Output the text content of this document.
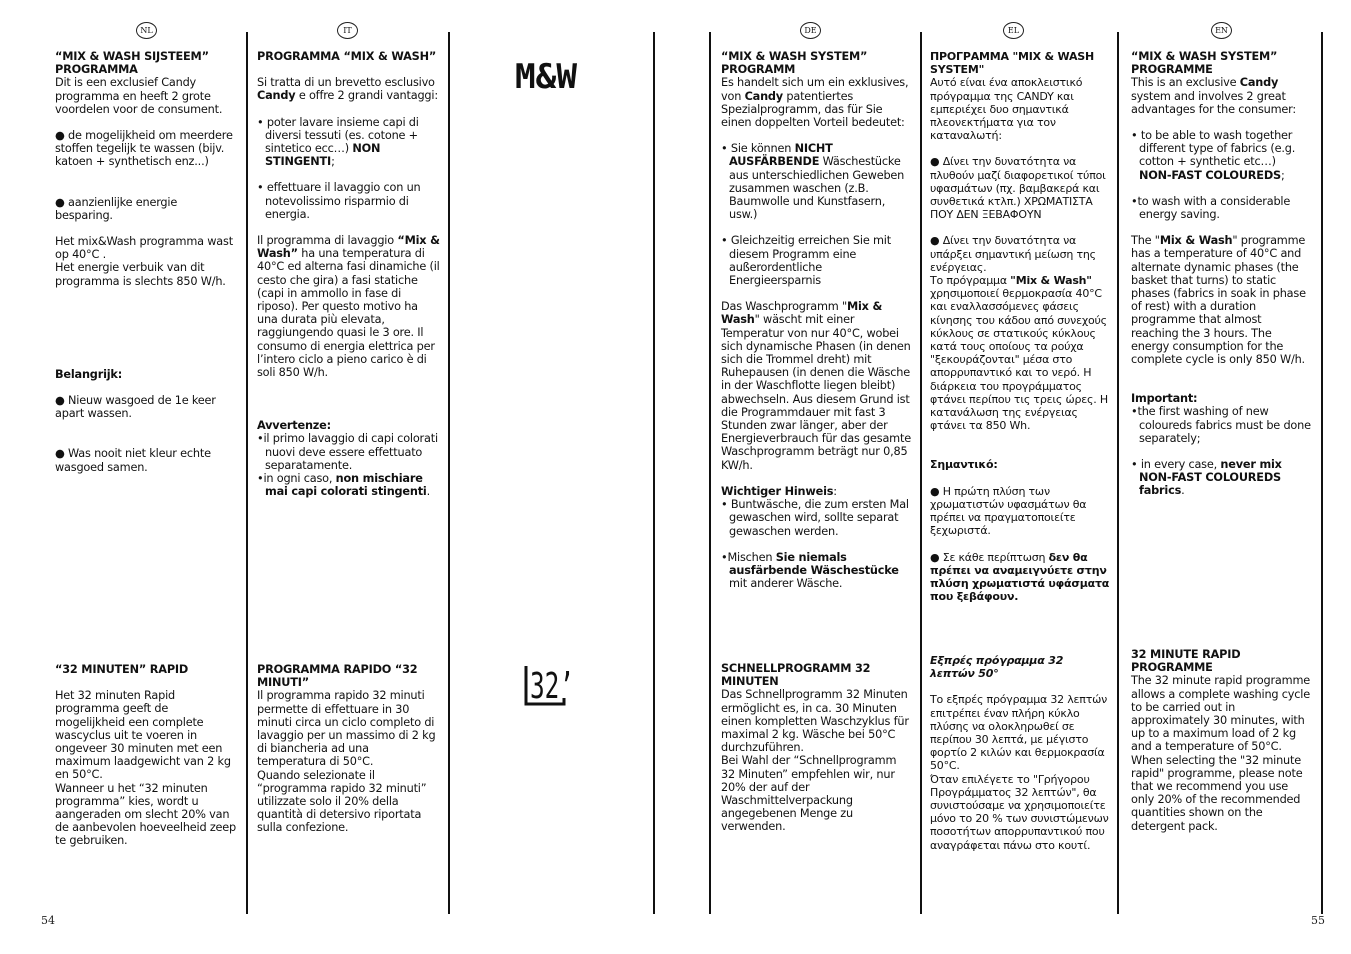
NL	IT

“MIX & WASH SIJSTEEM” PROGRAMMA

Dit is een exclusief Candy programma en heeft 2 grote voordelen voor de consument.

● de mogelijkheid om meerdere stoffen tegelijk te wassen (bijv. katoen + synthetisch enz...)

● aanzienlijke energie besparing.

Het mix&Wash programma wast op 40°C .

Het energie verbuik van dit programma is slechts 850 W/h.

Belangrijk:

● Nieuw wasgoed de 1e keer apart wassen.

● Was nooit niet kleur echte wasgoed samen.

“32 MINUTEN” RAPID

Het 32 minuten Rapid programma geeft de mogelijkheid een complete wascyclus uit te voeren in ongeveer 30 minuten met een maximum laadgewicht van 2 kg en 50°C.

Wanneer u het “32 minuten programma” kies, wordt u aangeraden om slecht 20% van de aanbevolen hoeveelheid zeep te gebruiken.

PROGRAMMA “MIX & WASH”

Si tratta di un brevetto esclusivo Candy e offre 2 grandi vantaggi:

• poter lavare insieme capi di diversi tessuti (es. cotone + sintetico ecc…) NON STINGENTI;

• effettuare il lavaggio con un notevolissimo risparmio di energia.

Il programma di lavaggio “Mix & Wash” ha una temperatura di 40°C ed alterna fasi dinamiche (il cesto che gira) a fasi statiche (capi in ammollo in fase di riposo). Per questo motivo ha una durata più elevata, raggiungendo quasi le 3 ore. Il consumo di energia elettrica per l’intero ciclo a pieno carico è di soli 850 W/h.

Avvertenze:

•il primo lavaggio di capi colorati nuovi deve essere effettuato separatamente.

•in ogni caso, non mischiare mai capi colorati stingenti.

PROGRAMMA RAPIDO “32 MINUTI”

Il programma rapido 32 minuti permette di effettuare in 30 minuti circa un ciclo completo di lavaggio per un massimo di 2 kg di biancheria ad una temperatura di 50°C.

Quando selezionate il “programma rapido 32 minuti” utilizzate solo il 20% della quantità di detersivo riportata sulla confezione.

M&W
32’
54
DE	EL	EN

“MIX & WASH SYSTEM” PROGRAMM

Es handelt sich um ein exklusives, von Candy patentiertes Spezialprogramm, das für Sie einen doppelten Vorteil bedeutet:

• Sie können NICHT AUSFÄRBENDE Wäschestücke aus unterschiedlichen Geweben zusammen waschen (z.B. Baumwolle und Kunstfasern, usw.)

• Gleichzeitig erreichen Sie mit diesem Programm eine außerordentliche Energieersparnis

Das Waschprogramm "Mix & Wash" wäscht mit einer Temperatur von nur 40°C, wobei sich dynamische Phasen (in denen sich die Trommel dreht) mit Ruhepausen (in denen die Wäsche in der Waschflotte liegen bleibt) abwechseln. Aus diesem Grund ist die Programmdauer mit fast 3 Stunden zwar länger, aber der Energieverbrauch für das gesamte Waschprogramm beträgt nur 0,85 KW/h.

Wichtiger Hinweis:

• Buntwäsche, die zum ersten Mal gewaschen wird, sollte separat gewaschen werden.

•Mischen Sie niemals ausfärbende Wäschestücke mit anderer Wäsche.

SCHNELLPROGRAMM 32 MINUTEN

Das Schnellprogramm 32 Minuten ermöglicht es, in ca. 30 Minuten einen kompletten Waschzyklus für maximal 2 kg. Wäsche bei 50°C durchzuführen.

Bei Wahl der “Schnellprogramm 32 Minuten” empfehlen wir, nur 20% der auf der Waschmittelverpackung angegebenen Menge zu verwenden.

ΠΡΟΓΡΑΜΜΑ "MIX & WASH SYSTEM"

Αυτό είναι ένα αποκλειστικό πρόγραμμα της CANDY και εμπεριέχει δυο σημαντικά πλεονεκτήματα για τον καταναλωτή:

● Δίνει την δυνατότητα να πλυθούν μαζί διαφορετικοί τύποι υφασμάτων (πχ. βαμβακερά και συνθετικά κτλπ.) ΧΡΩΜΑΤΙΣΤΑ ΠΟΥ ΔΕΝ ΞΕΒΑΦΟΥΝ

● Δίνει την δυνατότητα να υπάρξει σημαντική μείωση της ενέργειας.

Το πρόγραμμα "Mix & Wash" χρησιμοποιεί θερμοκρασία 40°C και εναλλασσόμενες φάσεις κίνησης του κάδου από συνεχούς κύκλους σε στατικούς κύκλους κατά τους οποίους τα ρούχα "ξεκουράζονται" μέσα στο απορρυπαντικό και το νερό. Η διάρκεια του προγράμματος φτάνει περίπου τις τρεις ώρες. Η κατανάλωση της ενέργειας φτάνει τα 850 Wh.

Σημαντικό:

● Η πρώτη πλύση των χρωματιστών υφασμάτων θα πρέπει να πραγματοποιείτε ξεχωριστά.

● Σε κάθε περίπτωση δεν θα πρέπει να αναμειγνύετε στην πλύση χρωματιστά υφάσματα που ξεβάφουν.

Εξπρές πρόγραμμα 32 λεπτών 50°

Το εξπρές πρόγραμμα 32 λεπτών επιτρέπει έναν πλήρη κύκλο πλύσης να ολοκληρωθεί σε περίπου 30 λεπτά, με μέγιστο φορτίο 2 κιλών και θερμοκρασία 50°C.

Όταν επιλέγετε το "Γρήγορου Προγράμματος 32 λεπτών", θα συνιστούσαμε να χρησιμοποιείτε μόνο το 20 % των συνιστώμενων ποσοτήτων απορρυπαντικού που αναγράφεται πάνω στο κουτί.

“MIX & WASH SYSTEM” PROGRAMME

This is an exclusive Candy system and involves 2 great advantages for the consumer:

• to be able to wash together different type of fabrics (e.g. cotton + synthetic etc…) NON-FAST COLOUREDS;

•to wash with a considerable energy saving.

The "Mix & Wash" programme has a temperature of 40°C and alternate dynamic phases (the basket that turns) to static phases (fabrics in soak in phase of rest) with a duration programme that almost reaching the 3 hours. The energy consumption for the complete cycle is only 850 W/h.

Important:

•the first washing of new coloureds fabrics must be done separately;

• in every case, never mix NON-FAST COLOUREDS fabrics.

32 MINUTE RAPID PROGRAMME

The 32 minute rapid programme allows a complete washing cycle to be carried out in approximately 30 minutes, with up to a maximum load of 2 kg and a temperature of 50°C.

When selecting the "32 minute rapid" programme, please note that we recommend you use only 20% of the recommended quantities shown on the detergent pack.

55
